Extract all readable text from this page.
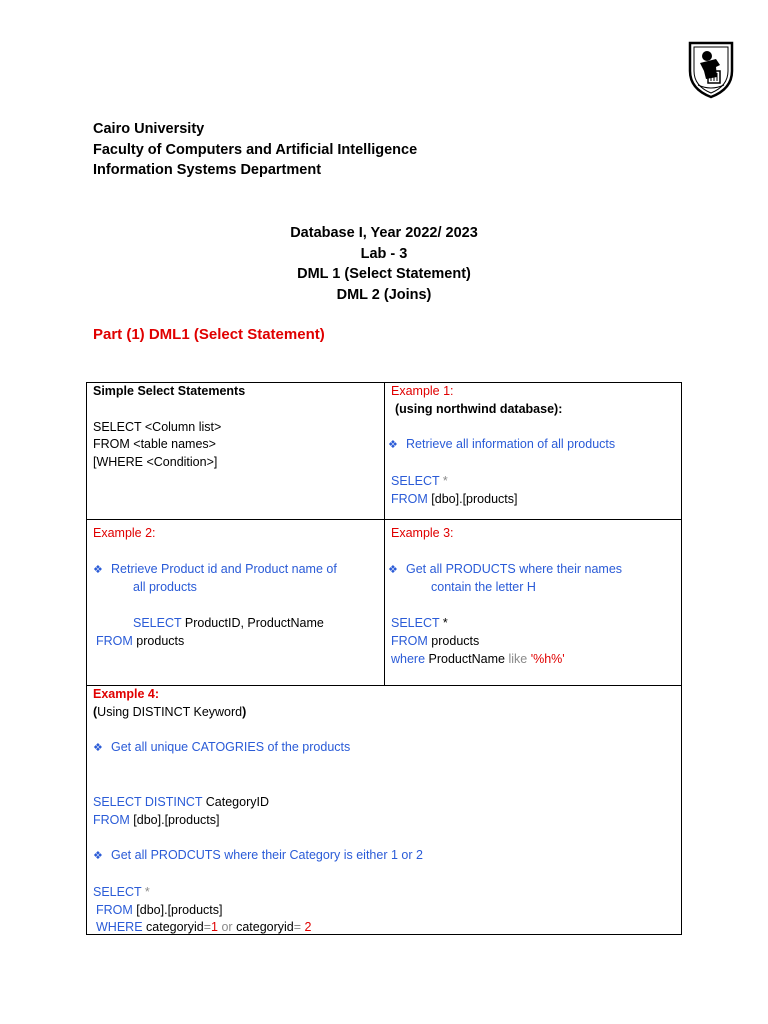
Cairo University
Faculty of Computers and Artificial Intelligence
Information Systems Department
Database I, Year 2022/ 2023
Lab - 3
DML 1 (Select Statement)
DML 2 (Joins)
Part (1) DML1 (Select Statement)
Simple Select Statements
SELECT <Column list>
FROM <table names>
[WHERE <Condition>]
Example 1:
(using northwind database):
❖ Retrieve all information of all products
SELECT *
FROM [dbo].[products]
Example 2:
❖ Retrieve Product id and Product name of
all products
SELECT ProductID, ProductName
FROM products
Example 3:
❖ Get all PRODUCTS where their names
contain the letter H
SELECT *
FROM products
where ProductName like '%h%'
Example 4:
(Using DISTINCT Keyword)
❖ Get all unique CATOGRIES of the products
SELECT DISTINCT CategoryID
FROM [dbo].[products]
❖ Get all PRODCUTS where their Category is either 1 or 2
SELECT *
FROM [dbo].[products]
WHERE categoryid=1 or categoryid= 2
